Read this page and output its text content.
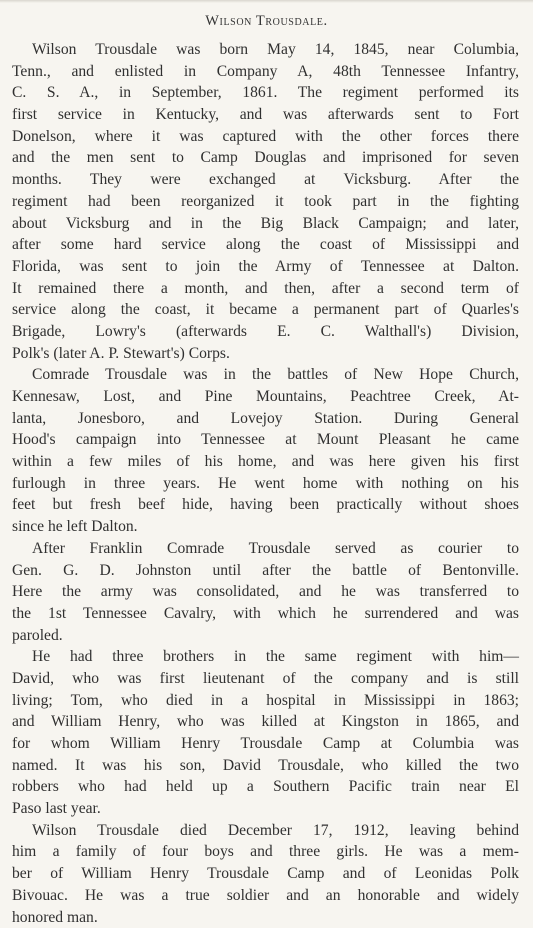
Wilson Trousdale.
Wilson Trousdale was born May 14, 1845, near Columbia,
Tenn., and enlisted in Company A, 48th Tennessee Infantry,
C. S. A., in September, 1861. The regiment performed its
first service in Kentucky, and was afterwards sent to Fort
Donelson, where it was captured with the other forces there
and the men sent to Camp Douglas and imprisoned for seven
months. They were exchanged at Vicksburg. After the
regiment had been reorganized it took part in the fighting
about Vicksburg and in the Big Black Campaign; and later,
after some hard service along the coast of Mississippi and
Florida, was sent to join the Army of Tennessee at Dalton.
It remained there a month, and then, after a second term of
service along the coast, it became a permanent part of Quarles's
Brigade, Lowry's (afterwards E. C. Walthall's) Division,
Polk's (later A. P. Stewart's) Corps.
Comrade Trousdale was in the battles of New Hope Church,
Kennesaw, Lost, and Pine Mountains, Peachtree Creek, At-
lanta, Jonesboro, and Lovejoy Station. During General
Hood's campaign into Tennessee at Mount Pleasant he came
within a few miles of his home, and was here given his first
furlough in three years. He went home with nothing on his
feet but fresh beef hide, having been practically without shoes
since he left Dalton.
After Franklin Comrade Trousdale served as courier to
Gen. G. D. Johnston until after the battle of Bentonville.
Here the army was consolidated, and he was transferred to
the 1st Tennessee Cavalry, with which he surrendered and was
paroled.
He had three brothers in the same regiment with him—
David, who was first lieutenant of the company and is still
living; Tom, who died in a hospital in Mississippi in 1863;
and William Henry, who was killed at Kingston in 1865, and
for whom William Henry Trousdale Camp at Columbia was
named. It was his son, David Trousdale, who killed the two
robbers who had held up a Southern Pacific train near El
Paso last year.
Wilson Trousdale died December 17, 1912, leaving behind
him a family of four boys and three girls. He was a mem-
ber of William Henry Trousdale Camp and of Leonidas Polk
Bivouac. He was a true soldier and an honorable and widely
honored man.
